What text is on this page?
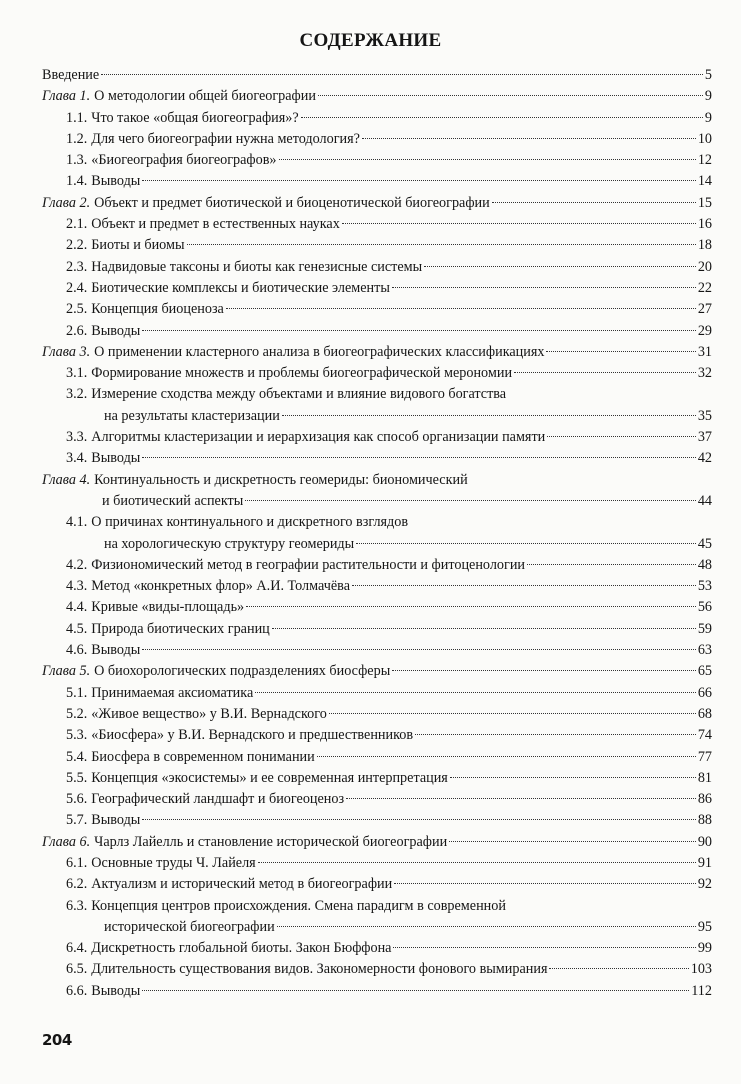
СОДЕРЖАНИЕ
Введение	5
Глава 1. О методологии общей биогеографии	9
1.1. Что такое «общая биогеография»?	9
1.2. Для чего биогеографии нужна методология?	10
1.3. «Биогеография биогеографов»	12
1.4. Выводы	14
Глава 2. Объект и предмет биотической и биоценотической биогеографии	15
2.1. Объект и предмет в естественных науках	16
2.2. Биоты и биомы	18
2.3. Надвидовые таксоны и биоты как генезисные системы	20
2.4. Биотические комплексы и биотические элементы	22
2.5. Концепция биоценоза	27
2.6. Выводы	29
Глава 3. О применении кластерного анализа в биогеографических классификациях	31
3.1. Формирование множеств и проблемы биогеографической мерономии	32
3.2. Измерение сходства между объектами и влияние видового богатства
на результаты кластеризации	35
3.3. Алгоритмы кластеризации и иерархизация как способ организации памяти	37
3.4. Выводы	42
Глава 4. Континуальность и дискретность геомериды: биономический
и биотический аспекты	44
4.1. О причинах континуального и дискретного взглядов
на хорологическую структуру геомериды	45
4.2. Физиономический метод в географии растительности и фитоценологии	48
4.3. Метод «конкретных флор» А.И. Толмачёва	53
4.4. Кривые «виды-площадь»	56
4.5. Природа биотических границ	59
4.6. Выводы	63
Глава 5. О биохорологических подразделениях биосферы	65
5.1. Принимаемая аксиоматика	66
5.2. «Живое вещество» у В.И. Вернадского	68
5.3. «Биосфера» у В.И. Вернадского и предшественников	74
5.4. Биосфера в современном понимании	77
5.5. Концепция «экосистемы» и ее современная интерпретация	81
5.6. Географический ландшафт и биогеоценоз	86
5.7. Выводы	88
Глава 6. Чарлз Лайелль и становление исторической биогеографии	90
6.1. Основные труды Ч. Лайеля	91
6.2. Актуализм и исторический метод в биогеографии	92
6.3. Концепция центров происхождения. Смена парадигм в современной
исторической биогеографии	95
6.4. Дискретность глобальной биоты. Закон Бюффона	99
6.5. Длительность существования видов. Закономерности фонового вымирания	103
6.6. Выводы	112
204
